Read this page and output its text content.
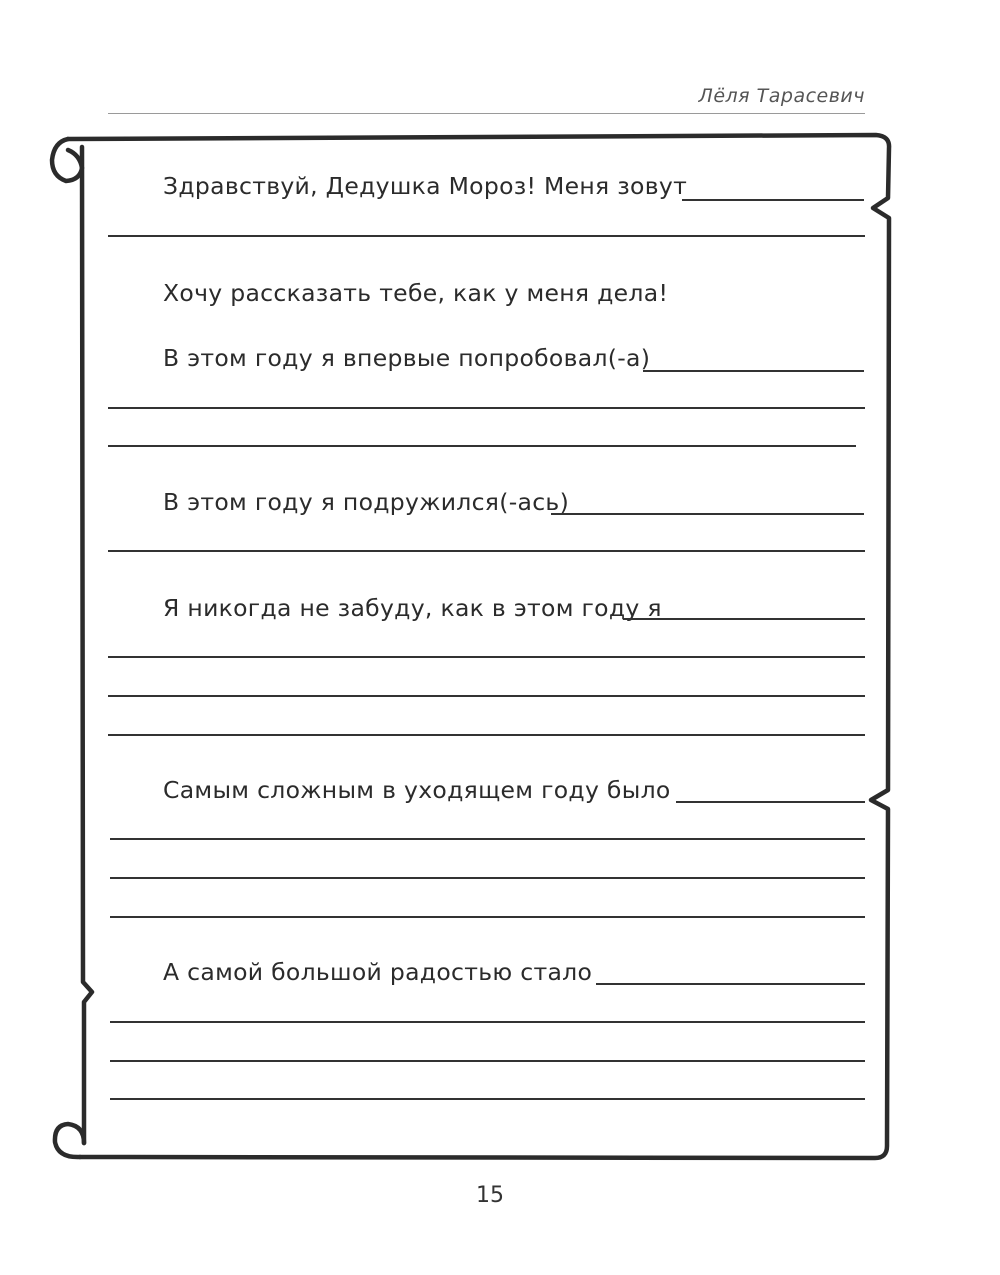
Лёля Тарасевич
Здравствуй, Дедушка Мороз! Меня зовут
Хочу рассказать тебе, как у меня дела!
В этом году я впервые попробовал(-а)
В этом году я подружился(-ась)
Я никогда не забуду, как в этом году я
Самым сложным в уходящем году было
А самой большой радостью стало
15
